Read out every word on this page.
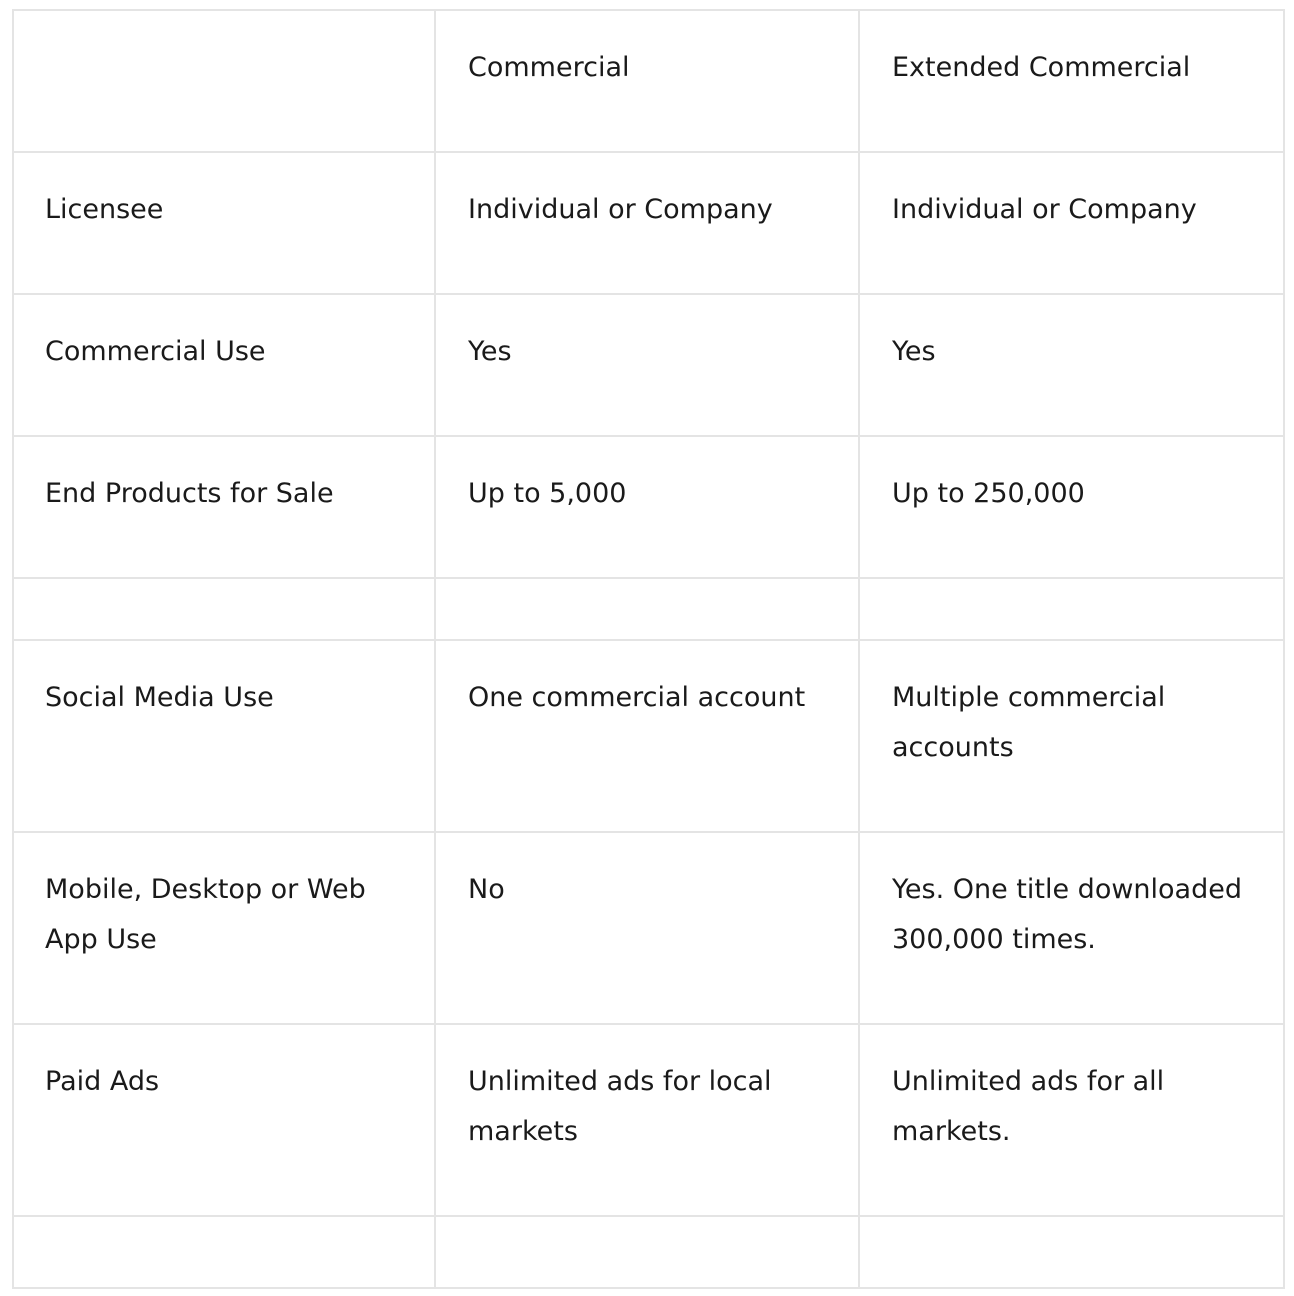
	Commercial	Extended Commercial
Licensee	Individual or Company	Individual or Company
Commercial Use	Yes	Yes
End Products for Sale	Up to 5,000	Up to 250,000

Social Media Use	One commercial account	Multiple commercial accounts
Mobile, Desktop or Web App Use	No	Yes. One title downloaded 300,000 times.
Paid Ads	Unlimited ads for local markets	Unlimited ads for all markets.
